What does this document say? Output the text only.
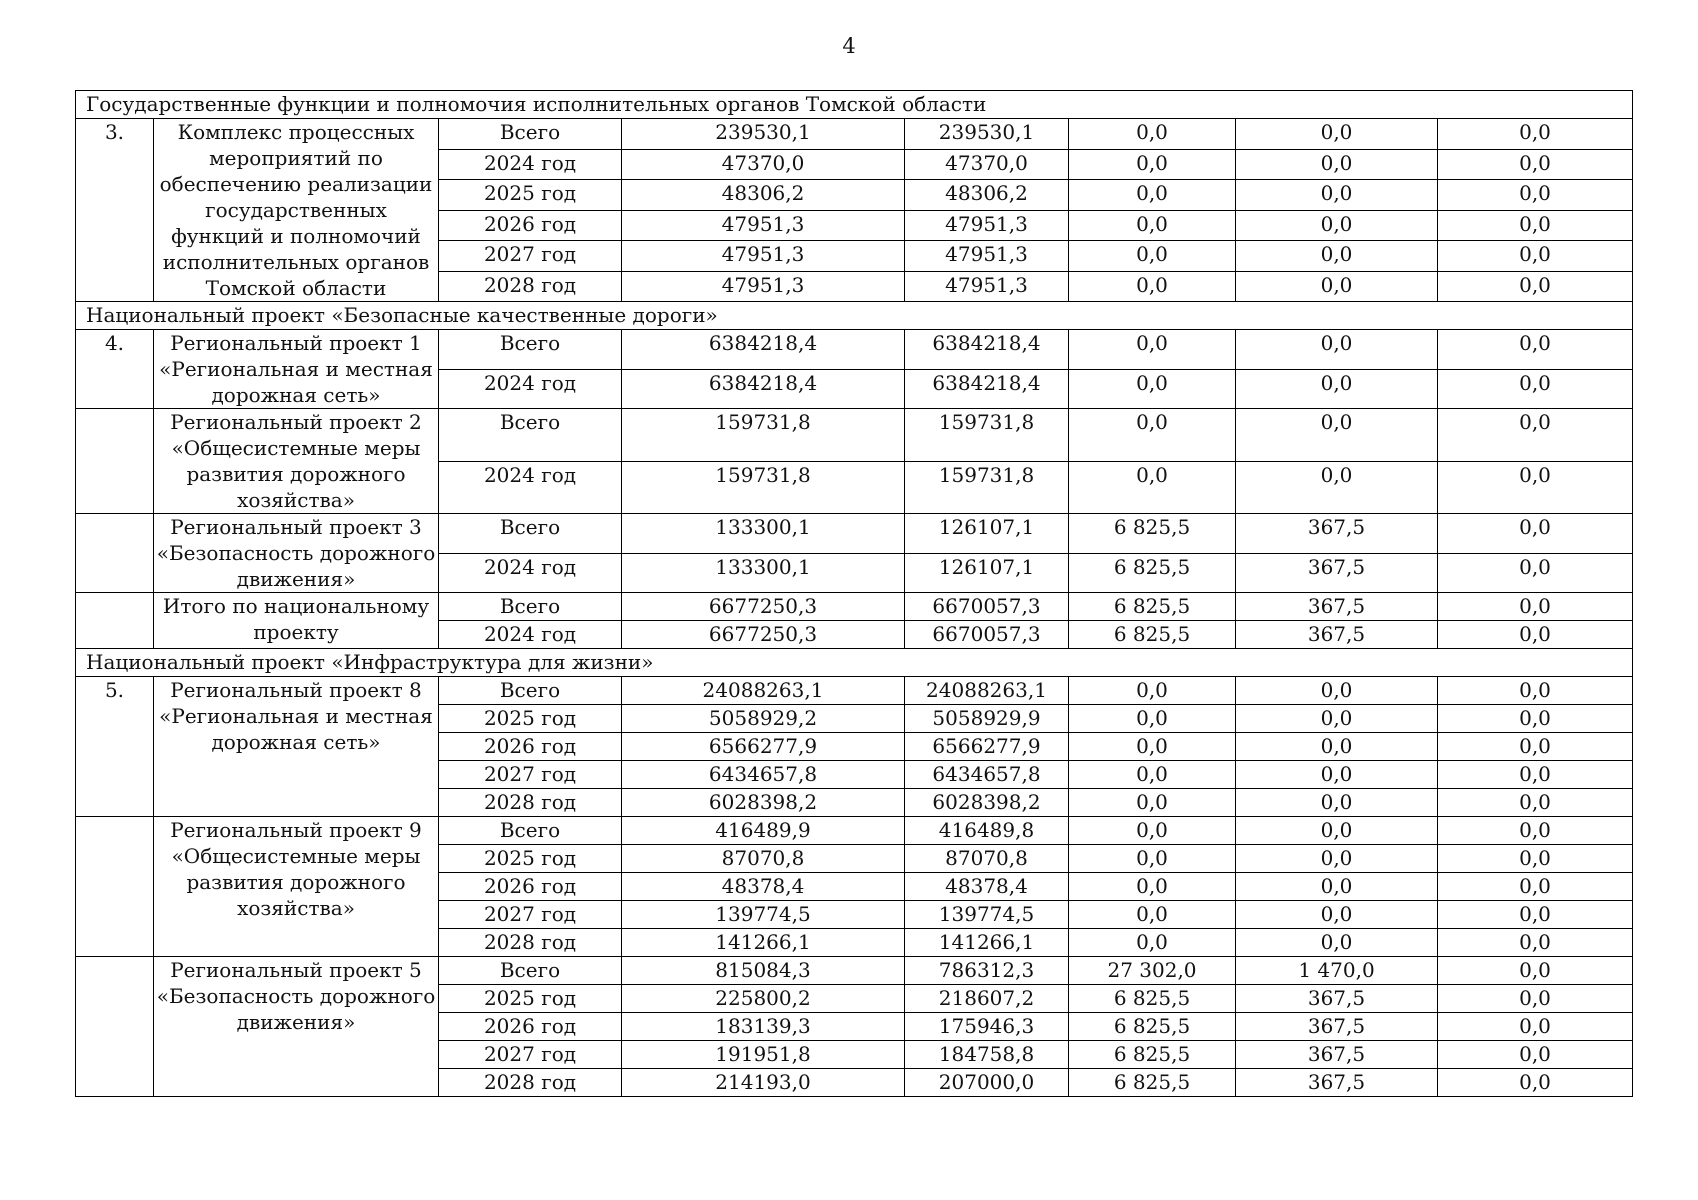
4
Государственные функции и полномочия исполнительных органов Томской области							
3.	Комплекс процессных мероприятий по обеспечению реализации государственных функций и полномочий исполнительных органов Томской области	Всего	239530,1	239530,1	0,0	0,0	0,0
		2024 год	47370,0	47370,0	0,0	0,0	0,0
		2025 год	48306,2	48306,2	0,0	0,0	0,0
		2026 год	47951,3	47951,3	0,0	0,0	0,0
		2027 год	47951,3	47951,3	0,0	0,0	0,0
		2028 год	47951,3	47951,3	0,0	0,0	0,0
Национальный проект «Безопасные качественные дороги»							
4.	Региональный проект 1 «Региональная и местная дорожная сеть»	Всего	6384218,4	6384218,4	0,0	0,0	0,0
		2024 год	6384218,4	6384218,4	0,0	0,0	0,0
	Региональный проект 2 «Общесистемные меры развития дорожного хозяйства»	Всего	159731,8	159731,8	0,0	0,0	0,0
		2024 год	159731,8	159731,8	0,0	0,0	0,0
	Региональный проект 3 «Безопасность дорожного движения»	Всего	133300,1	126107,1	6 825,5	367,5	0,0
		2024 год	133300,1	126107,1	6 825,5	367,5	0,0
	Итого по национальному проекту	Всего	6677250,3	6670057,3	6 825,5	367,5	0,0
		2024 год	6677250,3	6670057,3	6 825,5	367,5	0,0
Национальный проект «Инфраструктура для жизни»							
5.	Региональный проект 8 «Региональная и местная дорожная сеть»	Всего	24088263,1	24088263,1	0,0	0,0	0,0
		2025 год	5058929,2	5058929,9	0,0	0,0	0,0
		2026 год	6566277,9	6566277,9	0,0	0,0	0,0
		2027 год	6434657,8	6434657,8	0,0	0,0	0,0
		2028 год	6028398,2	6028398,2	0,0	0,0	0,0
	Региональный проект 9 «Общесистемные меры развития дорожного хозяйства»	Всего	416489,9	416489,8	0,0	0,0	0,0
		2025 год	87070,8	87070,8	0,0	0,0	0,0
		2026 год	48378,4	48378,4	0,0	0,0	0,0
		2027 год	139774,5	139774,5	0,0	0,0	0,0
		2028 год	141266,1	141266,1	0,0	0,0	0,0
	Региональный проект 5 «Безопасность дорожного движения»	Всего	815084,3	786312,3	27 302,0	1 470,0	0,0
		2025 год	225800,2	218607,2	6 825,5	367,5	0,0
		2026 год	183139,3	175946,3	6 825,5	367,5	0,0
		2027 год	191951,8	184758,8	6 825,5	367,5	0,0
		2028 год	214193,0	207000,0	6 825,5	367,5	0,0
